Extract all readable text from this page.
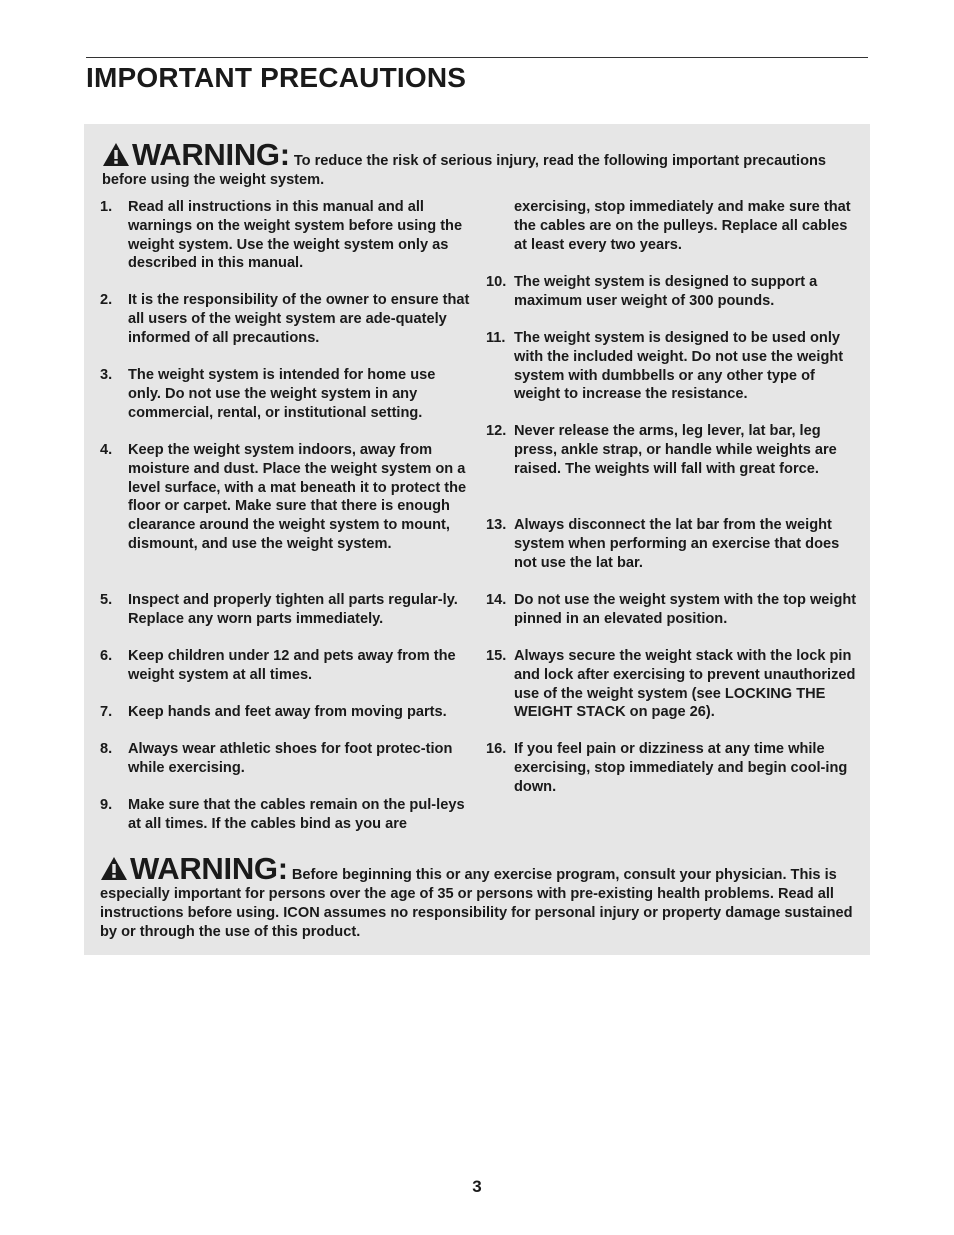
IMPORTANT PRECAUTIONS
WARNING: To reduce the risk of serious injury, read the following important precautions before using the weight system.
1. Read all instructions in this manual and all warnings on the weight system before using the weight system. Use the weight system only as described in this manual.
2. It is the responsibility of the owner to ensure that all users of the weight system are ade-quately informed of all precautions.
3. The weight system is intended for home use only. Do not use the weight system in any commercial, rental, or institutional setting.
4. Keep the weight system indoors, away from moisture and dust. Place the weight system on a level surface, with a mat beneath it to protect the floor or carpet. Make sure that there is enough clearance around the weight system to mount, dismount, and use the weight system.
5. Inspect and properly tighten all parts regular-ly. Replace any worn parts immediately.
6. Keep children under 12 and pets away from the weight system at all times.
7. Keep hands and feet away from moving parts.
8. Always wear athletic shoes for foot protec-tion while exercising.
9. Make sure that the cables remain on the pul-leys at all times. If the cables bind as you are
exercising, stop immediately and make sure that the cables are on the pulleys. Replace all cables at least every two years.
10. The weight system is designed to support a maximum user weight of 300 pounds.
11. The weight system is designed to be used only with the included weight. Do not use the weight system with dumbbells or any other type of weight to increase the resistance.
12. Never release the arms, leg lever, lat bar, leg press, ankle strap, or handle while weights are raised. The weights will fall with great force.
13. Always disconnect the lat bar from the weight system when performing an exercise that does not use the lat bar.
14. Do not use the weight system with the top weight pinned in an elevated position.
15. Always secure the weight stack with the lock pin and lock after exercising to prevent unauthorized use of the weight system (see LOCKING THE WEIGHT STACK on page 26).
16. If you feel pain or dizziness at any time while exercising, stop immediately and begin cool-ing down.
WARNING: Before beginning this or any exercise program, consult your physician. This is especially important for persons over the age of 35 or persons with pre-existing health problems. Read all instructions before using. ICON assumes no responsibility for personal injury or property damage sustained by or through the use of this product.
3
